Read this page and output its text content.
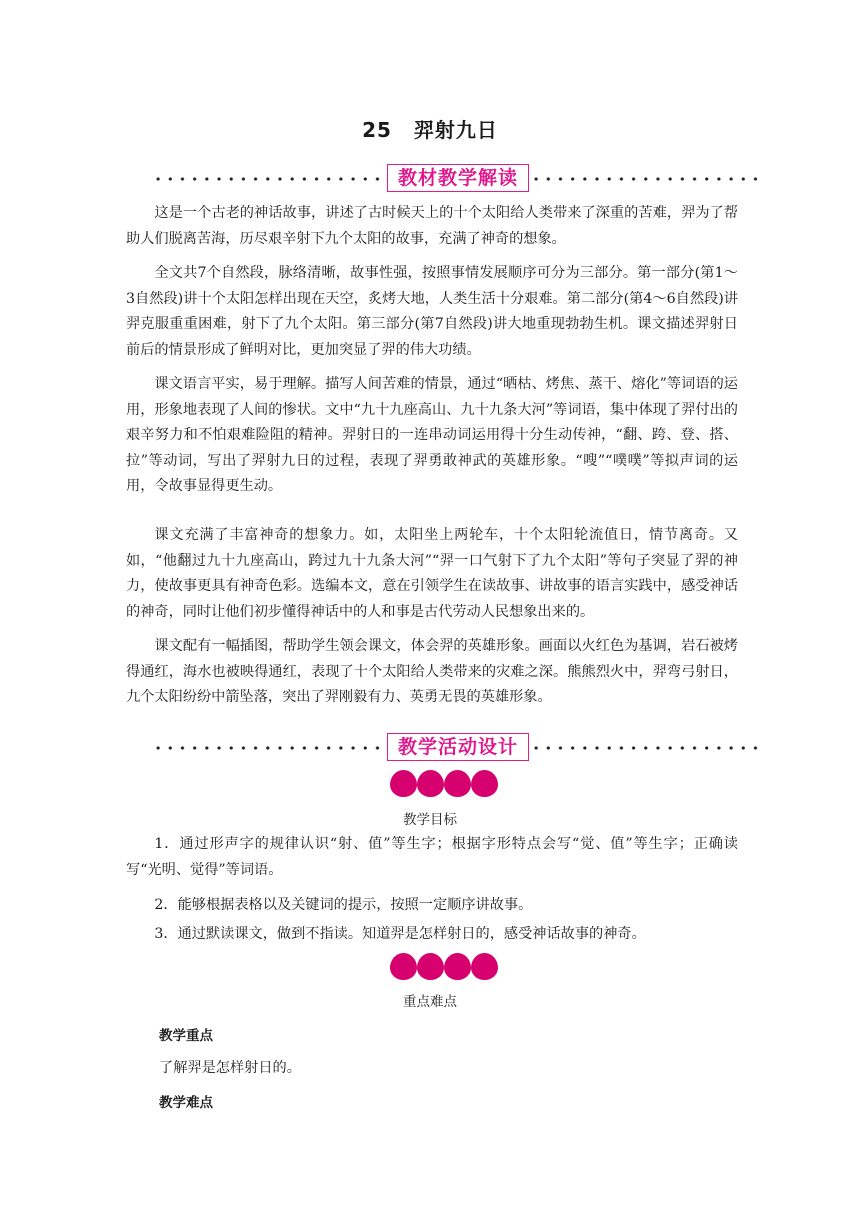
25 羿射九日
教材教学解读

这是一个古老的神话故事，讲述了古时候天上的十个太阳给人类带来了深重的苦难，羿为了帮助人们脱离苦海，历尽艰辛射下九个太阳的故事，充满了神奇的想象。

全文共7个自然段，脉络清晰，故事性强，按照事情发展顺序可分为三部分。第一部分(第1～3自然段)讲十个太阳怎样出现在天空，炙烤大地，人类生活十分艰难。第二部分(第4～6自然段)讲羿克服重重困难，射下了九个太阳。第三部分(第7自然段)讲大地重现勃勃生机。课文描述羿射日前后的情景形成了鲜明对比，更加突显了羿的伟大功绩。

课文语言平实，易于理解。描写人间苦难的情景，通过“晒枯、烤焦、蒸干、熔化”等词语的运用，形象地表现了人间的惨状。文中“九十九座高山、九十九条大河”等词语，集中体现了羿付出的艰辛努力和不怕艰难险阻的精神。羿射日的一连串动词运用得十分生动传神，“翻、跨、登、搭、拉”等动词，写出了羿射九日的过程，表现了羿勇敢神武的英雄形象。“嗖”“噗噗”等拟声词的运用，令故事显得更生动。

课文充满了丰富神奇的想象力。如，太阳坐上两轮车，十个太阳轮流值日，情节离奇。又如，“他翻过九十九座高山，跨过九十九条大河”“羿一口气射下了九个太阳”等句子突显了羿的神力，使故事更具有神奇色彩。选编本文，意在引领学生在读故事、讲故事的语言实践中，感受神话的神奇，同时让他们初步懂得神话中的人和事是古代劳动人民想象出来的。

课文配有一幅插图，帮助学生领会课文，体会羿的英雄形象。画面以火红色为基调，岩石被烤得通红，海水也被映得通红，表现了十个太阳给人类带来的灾难之深。熊熊烈火中，羿弯弓射日，九个太阳纷纷中箭坠落，突出了羿刚毅有力、英勇无畏的英雄形象。

教学活动设计
教学目标

1．通过形声字的规律认识“射、值”等生字；根据字形特点会写“觉、值”等生字；正确读写“光明、觉得”等词语。

2．能够根据表格以及关键词的提示，按照一定顺序讲故事。

3．通过默读课文，做到不指读。知道羿是怎样射日的，感受神话故事的神奇。

重点难点
教学重点
了解羿是怎样射日的。
教学难点
